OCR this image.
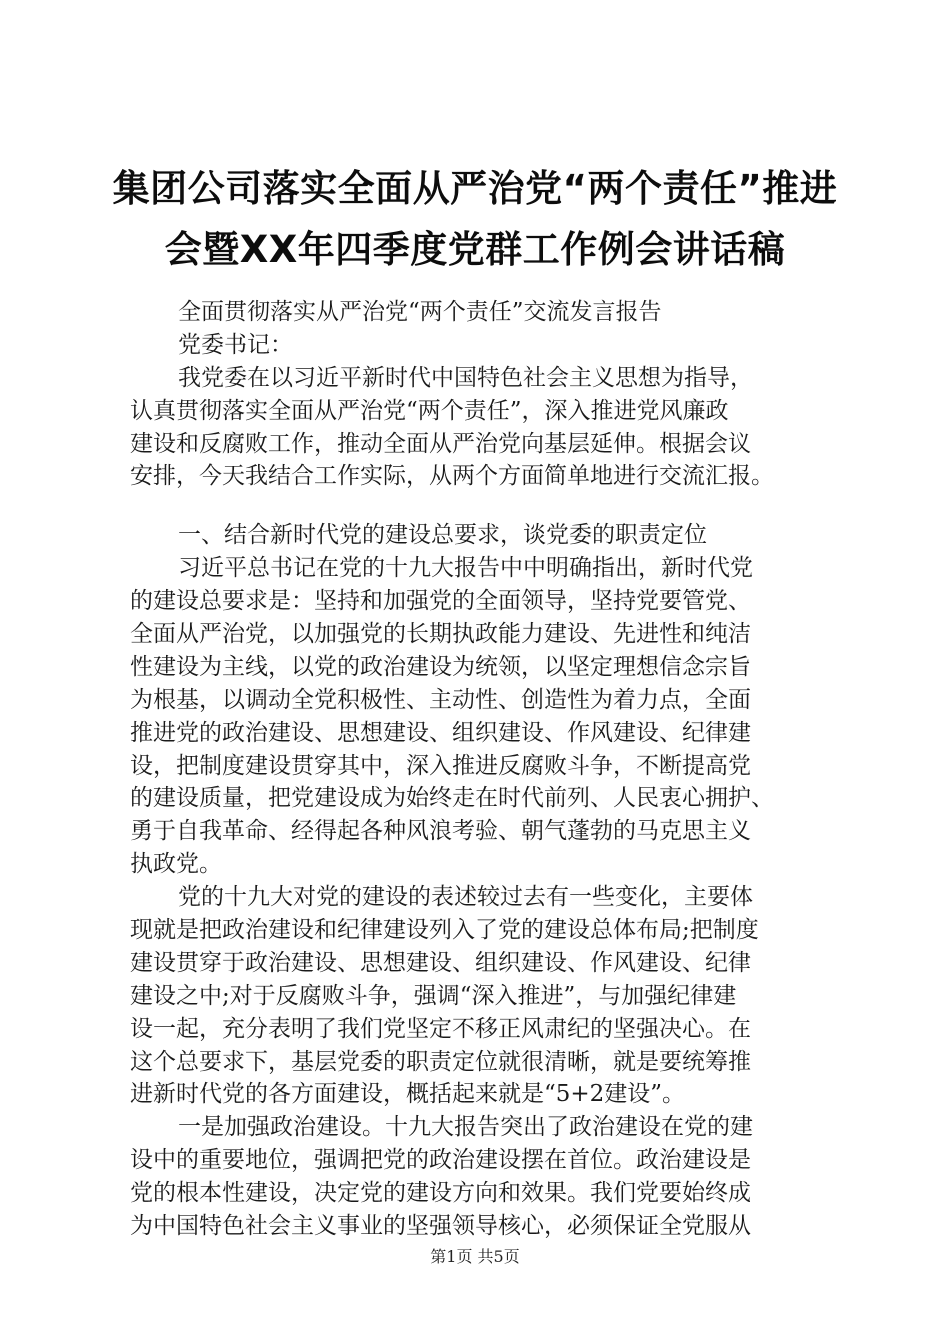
集团公司落实全面从严治党“两个责任”推进
会暨XX年四季度党群工作例会讲话稿
全面贯彻落实从严治党“两个责任”交流发言报告
党委书记：
我党委在以习近平新时代中国特色社会主义思想为指导，
认真贯彻落实全面从严治党“两个责任”，深入推进党风廉政
建设和反腐败工作，推动全面从严治党向基层延伸。根据会议
安排，今天我结合工作实际，从两个方面简单地进行交流汇报。
一、结合新时代党的建设总要求，谈党委的职责定位
习近平总书记在党的十九大报告中中明确指出，新时代党
的建设总要求是：坚持和加强党的全面领导，坚持党要管党、
全面从严治党，以加强党的长期执政能力建设、先进性和纯洁
性建设为主线，以党的政治建设为统领，以坚定理想信念宗旨
为根基，以调动全党积极性、主动性、创造性为着力点，全面
推进党的政治建设、思想建设、组织建设、作风建设、纪律建
设，把制度建设贯穿其中，深入推进反腐败斗争，不断提高党
的建设质量，把党建设成为始终走在时代前列、人民衷心拥护、
勇于自我革命、经得起各种风浪考验、朝气蓬勃的马克思主义
执政党。
党的十九大对党的建设的表述较过去有一些变化，主要体
现就是把政治建设和纪律建设列入了党的建设总体布局;把制度
建设贯穿于政治建设、思想建设、组织建设、作风建设、纪律
建设之中;对于反腐败斗争，强调“深入推进”，与加强纪律建
设一起，充分表明了我们党坚定不移正风肃纪的坚强决心。在
这个总要求下，基层党委的职责定位就很清晰，就是要统筹推
进新时代党的各方面建设，概括起来就是“5+2建设”。
一是加强政治建设。十九大报告突出了政治建设在党的建
设中的重要地位，强调把党的政治建设摆在首位。政治建设是
党的根本性建设，决定党的建设方向和效果。我们党要始终成
为中国特色社会主义事业的坚强领导核心，必须保证全党服从
第1页 共5页
